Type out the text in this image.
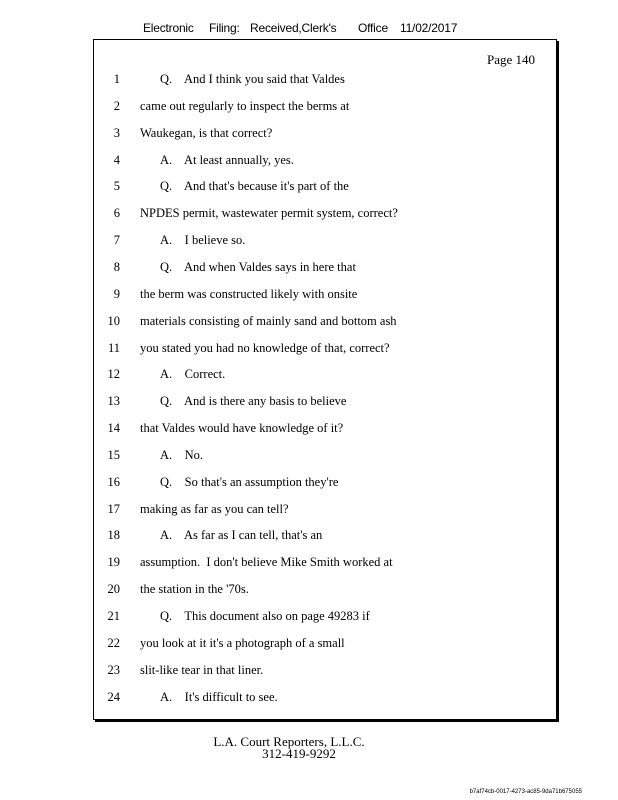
Electronic Filing: Received,Clerk's Office 11/02/2017
Page 140
1	Q.    And I think you said that Valdes
2 came out regularly to inspect the berms at
3 Waukegan, is that correct?
4	A.    At least annually, yes.
5	Q.    And that's because it's part of the
6 NPDES permit, wastewater permit system, correct?
7	A.    I believe so.
8	Q.    And when Valdes says in here that
9 the berm was constructed likely with onsite
10 materials consisting of mainly sand and bottom ash
11 you stated you had no knowledge of that, correct?
12	A.    Correct.
13	Q.    And is there any basis to believe
14 that Valdes would have knowledge of it?
15	A.    No.
16	Q.    So that's an assumption they're
17 making as far as you can tell?
18	A.    As far as I can tell, that's an
19 assumption.  I don't believe Mike Smith worked at
20 the station in the '70s.
21	Q.    This document also on page 49283 if
22 you look at it it's a photograph of a small
23 slit-like tear in that liner.
24	A.    It's difficult to see.
L.A. Court Reporters, L.L.C.
312-419-9292
b7af74cb-0017-4273-ac85-9da71b675055
